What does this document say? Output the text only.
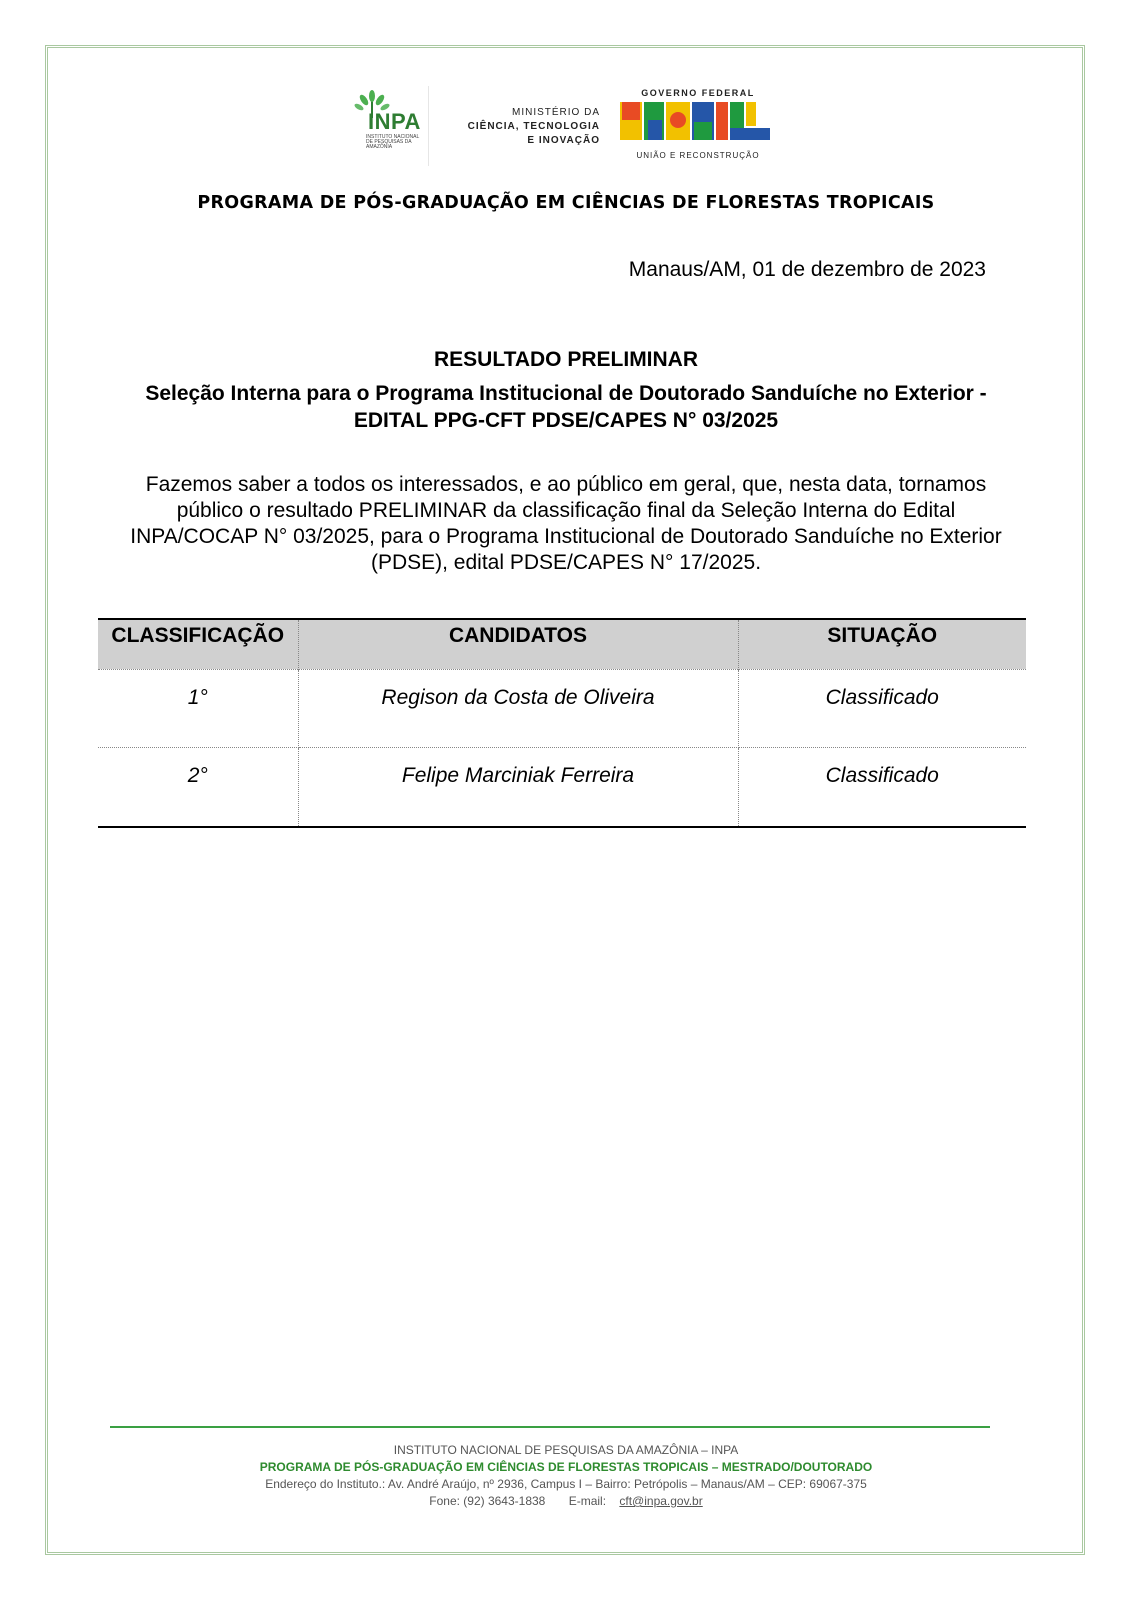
INPA
INSTITUTO NACIONAL DE PESQUISAS DA AMAZÔNIA
MINISTÉRIO DA
CIÊNCIA, TECNOLOGIA
E INOVAÇÃO
GOVERNO FEDERAL
UNIÃO E RECONSTRUÇÃO
PROGRAMA DE PÓS-GRADUAÇÃO EM CIÊNCIAS DE FLORESTAS TROPICAIS
Manaus/AM, 01 de dezembro de 2023
RESULTADO PRELIMINAR
Seleção Interna para o Programa Institucional de Doutorado Sanduíche no Exterior -
EDITAL PPG-CFT PDSE/CAPES N° 03/2025
Fazemos saber a todos os interessados, e ao público em geral, que, nesta data, tornamos público o resultado PRELIMINAR da classificação final da Seleção Interna do Edital INPA/COCAP N° 03/2025, para o Programa Institucional de Doutorado Sanduíche no Exterior (PDSE), edital PDSE/CAPES N° 17/2025.
CLASSIFICAÇÃO	CANDIDATOS	SITUAÇÃO
1°	Regison da Costa de Oliveira	Classificado
2°	Felipe Marciniak Ferreira	Classificado
INSTITUTO NACIONAL DE PESQUISAS DA AMAZÔNIA – INPA
PROGRAMA DE PÓS-GRADUAÇÃO EM CIÊNCIAS DE FLORESTAS TROPICAIS – MESTRADO/DOUTORADO
Endereço do Instituto.: Av. André Araújo, nº 2936, Campus I – Bairro: Petrópolis – Manaus/AM – CEP: 69067-375
Fone: (92) 3643-1838 E-mail: cft@inpa.gov.br
